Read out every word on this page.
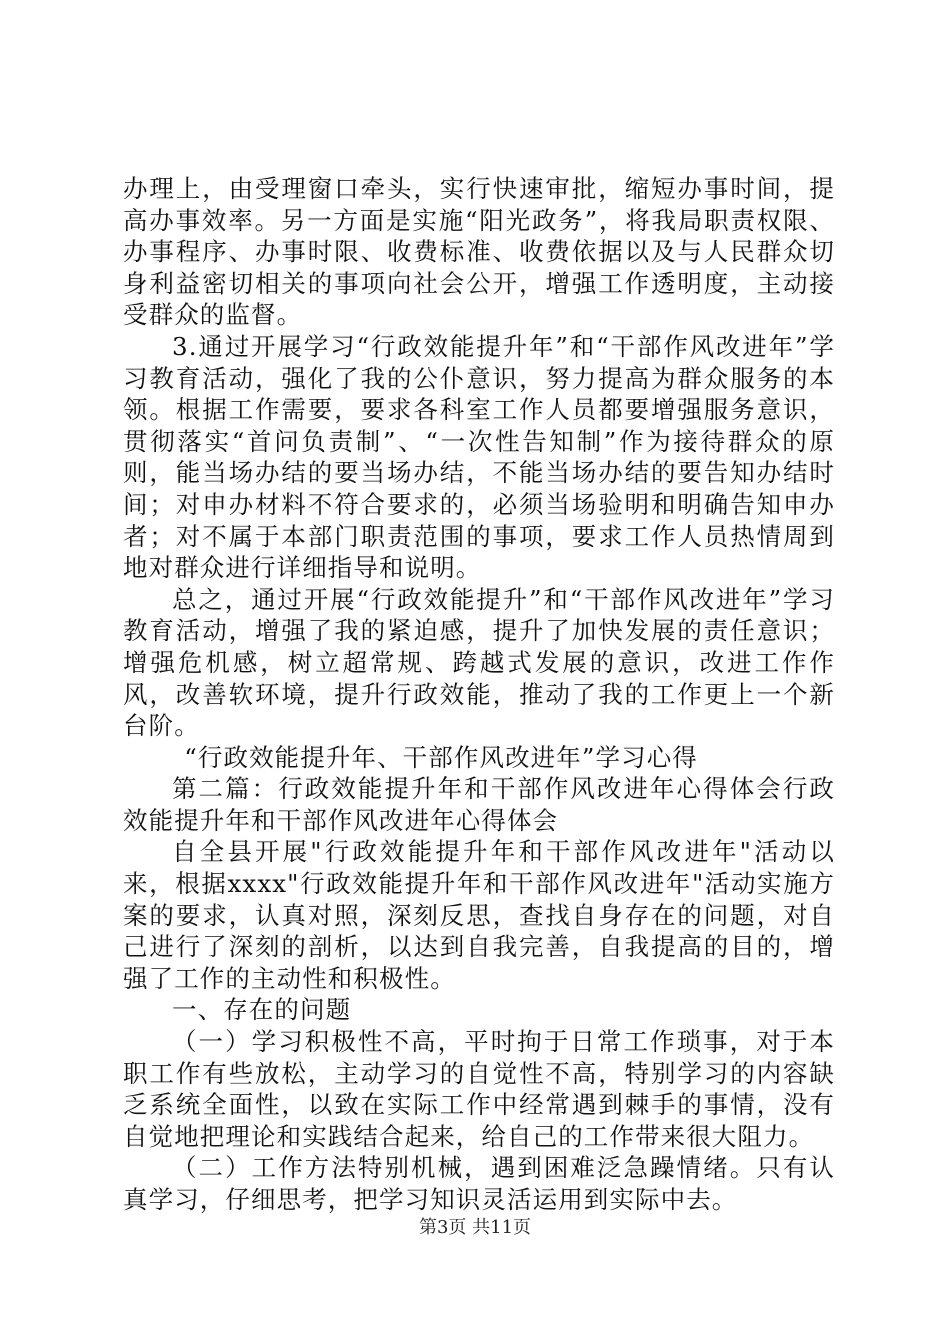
办理上，由受理窗口牵头，实行快速审批，缩短办事时间，提高办事效率。另一方面是实施“阳光政务”，将我局职责权限、办事程序、办事时限、收费标准、收费依据以及与人民群众切身利益密切相关的事项向社会公开，增强工作透明度，主动接受群众的监督。

3.通过开展学习“行政效能提升年”和“干部作风改进年”学习教育活动，强化了我的公仆意识，努力提高为群众服务的本领。根据工作需要，要求各科室工作人员都要增强服务意识，贯彻落实“首问负责制”、“一次性告知制”作为接待群众的原则，能当场办结的要当场办结，不能当场办结的要告知办结时间；对申办材料不符合要求的，必须当场验明和明确告知申办者；对不属于本部门职责范围的事项，要求工作人员热情周到地对群众进行详细指导和说明。

总之，通过开展“行政效能提升”和“干部作风改进年”学习教育活动，增强了我的紧迫感，提升了加快发展的责任意识；增强危机感，树立超常规、跨越式发展的意识，改进工作作风，改善软环境，提升行政效能，推动了我的工作更上一个新台阶。

“行政效能提升年、干部作风改进年”学习心得

第二篇：行政效能提升年和干部作风改进年心得体会行政效能提升年和干部作风改进年心得体会

自全县开展"行政效能提升年和干部作风改进年"活动以来，根据xxxx"行政效能提升年和干部作风改进年"活动实施方案的要求，认真对照，深刻反思，查找自身存在的问题，对自己进行了深刻的剖析，以达到自我完善，自我提高的目的，增强了工作的主动性和积极性。

一、存在的问题

（一）学习积极性不高，平时拘于日常工作琐事，对于本职工作有些放松，主动学习的自觉性不高，特别学习的内容缺乏系统全面性，以致在实际工作中经常遇到棘手的事情，没有自觉地把理论和实践结合起来，给自己的工作带来很大阻力。

（二）工作方法特别机械，遇到困难泛急躁情绪。只有认真学习，仔细思考，把学习知识灵活运用到实际中去。

第3页 共11页
